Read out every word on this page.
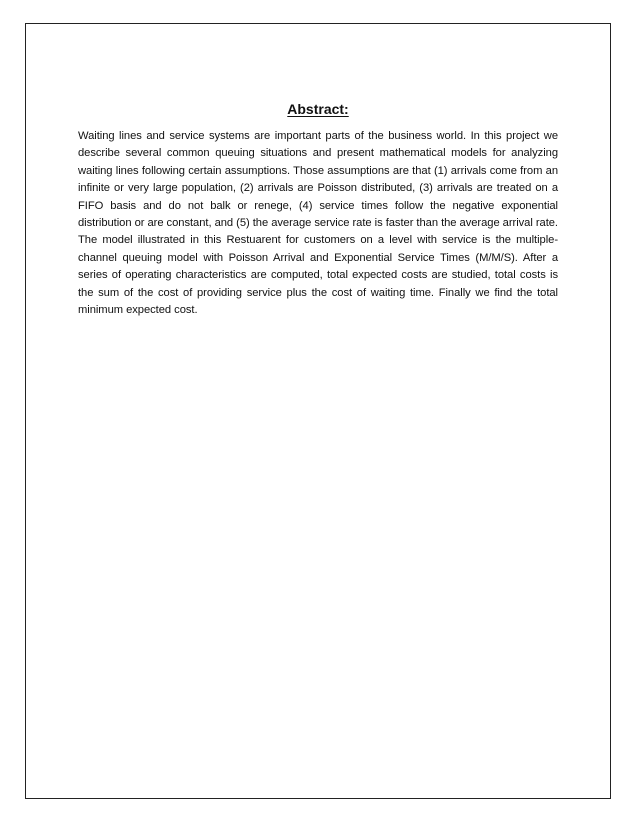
Abstract:

Waiting lines and service systems are important parts of the business world. In this project we describe several common queuing situations and present mathematical models for analyzing waiting lines following certain assumptions. Those assumptions are that (1) arrivals come from an infinite or very large population, (2) arrivals are Poisson distributed, (3) arrivals are treated on a FIFO basis and do not balk or renege, (4) service times follow the negative exponential distribution or are constant, and (5) the average service rate is faster than the average arrival rate. The model illustrated in this Restuarent for customers on a level with service is the multiple-channel queuing model with Poisson Arrival and Exponential Service Times (M/M/S). After a series of operating characteristics are computed, total expected costs are studied, total costs is the sum of the cost of providing service plus the cost of waiting time. Finally we find the total minimum expected cost.
